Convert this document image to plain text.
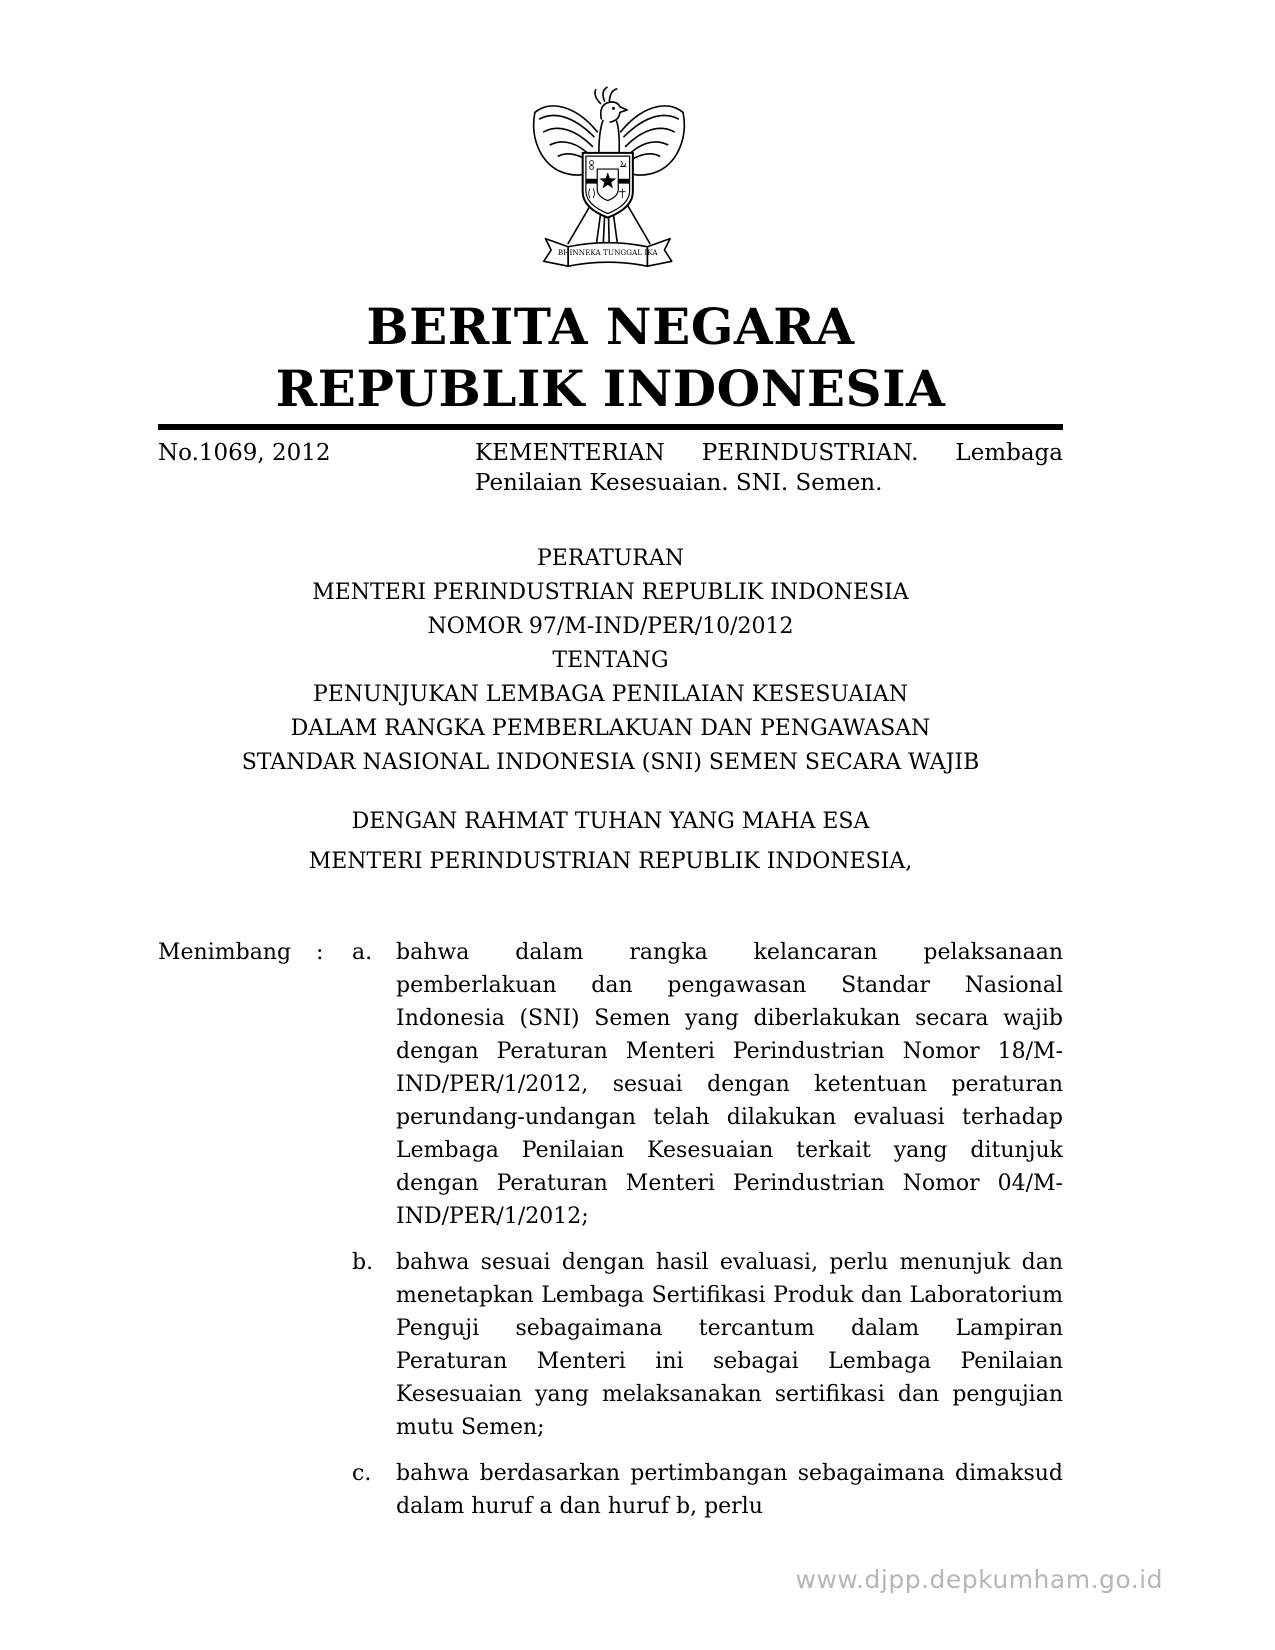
BHINNEKA TUNGGAL IKA
BERITA NEGARA
REPUBLIK INDONESIA
No.1069, 2012	KEMENTERIAN PERINDUSTRIAN. Lembaga
Penilaian Kesesuaian. SNI. Semen.
PERATURAN
MENTERI PERINDUSTRIAN REPUBLIK INDONESIA
NOMOR 97/M-IND/PER/10/2012
TENTANG
PENUNJUKAN LEMBAGA PENILAIAN KESESUAIAN
DALAM RANGKA PEMBERLAKUAN DAN PENGAWASAN
STANDAR NASIONAL INDONESIA (SNI) SEMEN SECARA WAJIB
DENGAN RAHMAT TUHAN YANG MAHA ESA
MENTERI PERINDUSTRIAN REPUBLIK INDONESIA,
Menimbang	:	a.	bahwa dalam rangka kelancaran pelaksanaan pemberlakuan dan pengawasan Standar Nasional Indonesia (SNI) Semen yang diberlakukan secara wajib dengan Peraturan Menteri Perindustrian Nomor 18/M-IND/PER/1/2012, sesuai dengan ketentuan peraturan perundang-undangan telah dilakukan evaluasi terhadap Lembaga Penilaian Kesesuaian terkait yang ditunjuk dengan Peraturan Menteri Perindustrian Nomor 04/M-IND/PER/1/2012;
b.	bahwa sesuai dengan hasil evaluasi, perlu menunjuk dan menetapkan Lembaga Sertifikasi Produk dan Laboratorium Penguji sebagaimana tercantum dalam Lampiran Peraturan Menteri ini sebagai Lembaga Penilaian Kesesuaian yang melaksanakan sertifikasi dan pengujian mutu Semen;
c.	bahwa berdasarkan pertimbangan sebagaimana dimaksud dalam huruf a dan huruf b, perlu
www.djpp.depkumham.go.id
